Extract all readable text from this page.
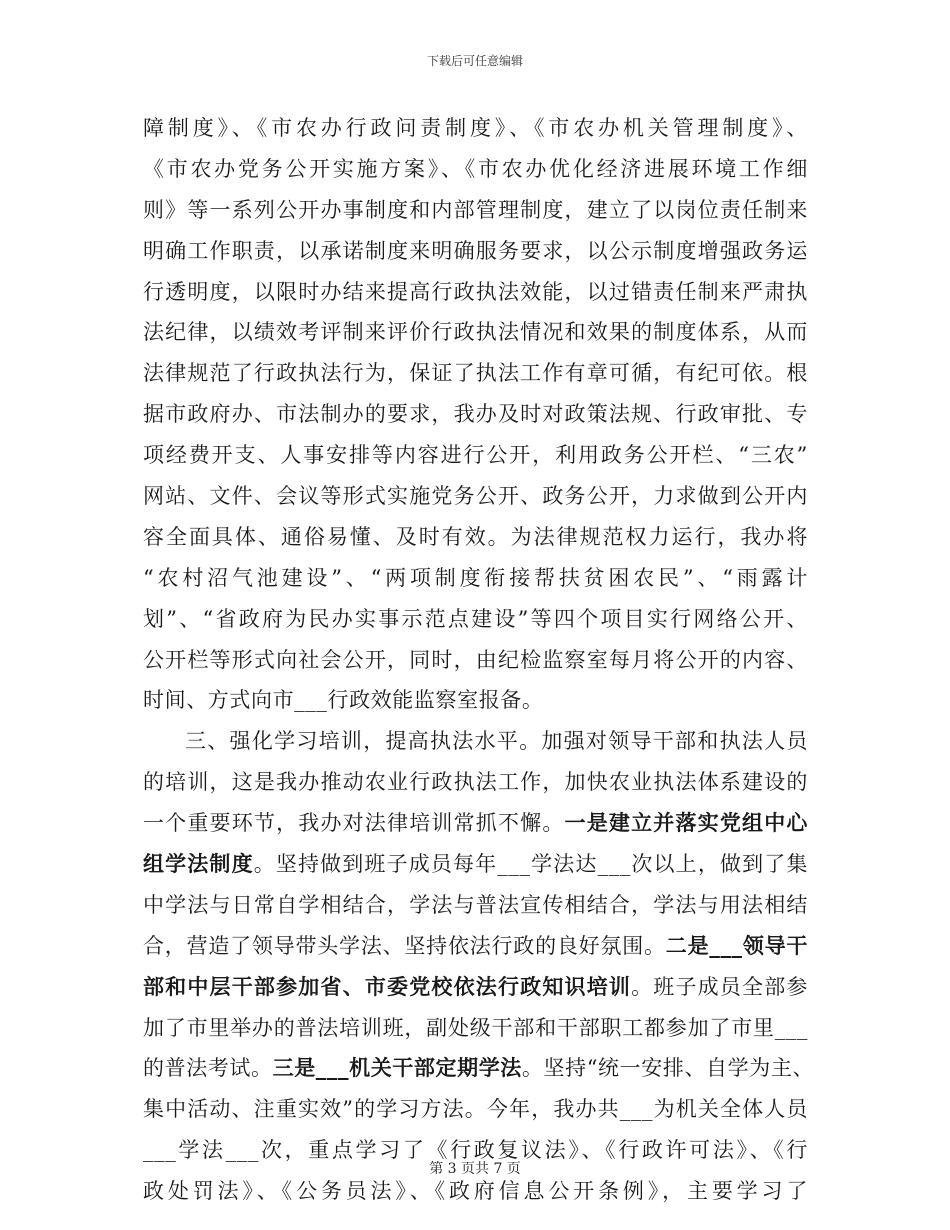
下载后可任意编辑
障制度》、《市农办行政问责制度》、《市农办机关管理制度》、
《市农办党务公开实施方案》、《市农办优化经济进展环境工作细
则》等一系列公开办事制度和内部管理制度，建立了以岗位责任制来
明确工作职责，以承诺制度来明确服务要求，以公示制度增强政务运
行透明度，以限时办结来提高行政执法效能，以过错责任制来严肃执
法纪律，以绩效考评制来评价行政执法情况和效果的制度体系，从而
法律规范了行政执法行为，保证了执法工作有章可循，有纪可依。根
据市政府办、市法制办的要求，我办及时对政策法规、行政审批、专
项经费开支、人事安排等内容进行公开，利用政务公开栏、“三农”
网站、文件、会议等形式实施党务公开、政务公开，力求做到公开内
容全面具体、通俗易懂、及时有效。为法律规范权力运行，我办将
“农村沼气池建设”、“两项制度衔接帮扶贫困农民”、“雨露计
划”、“省政府为民办实事示范点建设”等四个项目实行网络公开、
公开栏等形式向社会公开，同时，由纪检监察室每月将公开的内容、
时间、方式向市___行政效能监察室报备。
三、强化学习培训，提高执法水平。加强对领导干部和执法人员
的培训，这是我办推动农业行政执法工作，加快农业执法体系建设的
一个重要环节，我办对法律培训常抓不懈。一是建立并落实党组中心
组学法制度。坚持做到班子成员每年___学法达___次以上，做到了集
中学法与日常自学相结合，学法与普法宣传相结合，学法与用法相结
合，营造了领导带头学法、坚持依法行政的良好氛围。二是___领导干
部和中层干部参加省、市委党校依法行政知识培训。班子成员全部参
加了市里举办的普法培训班，副处级干部和干部职工都参加了市里___
的普法考试。三是___机关干部定期学法。坚持“统一安排、自学为主、
集中活动、注重实效”的学习方法。今年，我办共___为机关全体人员
___学法___次，重点学习了《行政复议法》、《行政许可法》、《行
政处罚法》、《公务员法》、《政府信息公开条例》，主要学习了
第 3 页共 7 页
